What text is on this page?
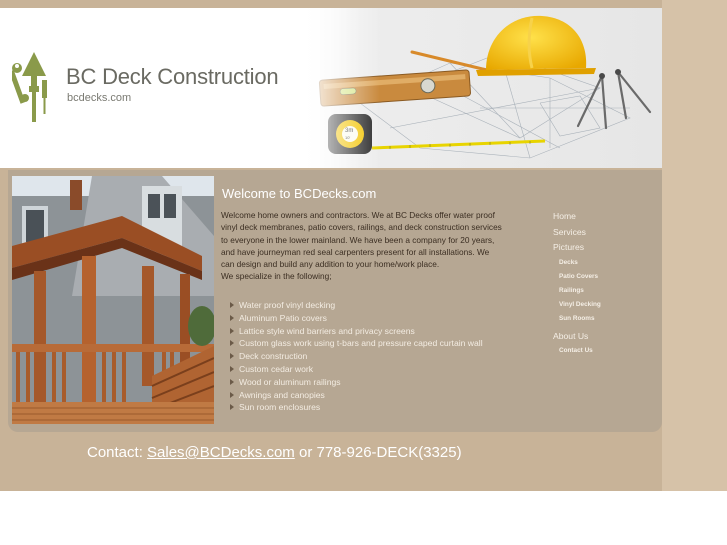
BC Deck Construction
bcdecks.com
Welcome to BCDecks.com

Welcome home owners and contractors. We at BC Decks offer water proof vinyl deck membranes, patio covers, railings, and deck construction services to everyone in the lower mainland. We have been a company for 20 years, and have journeyman red seal carpenters present for all installations. We can design and build any addition to your home/work place.

We specialize in the following;

Water proof vinyl decking
Aluminum Patio covers
Lattice style wind barriers and privacy screens
Custom glass work using t-bars and pressure caped curtain wall
Deck construction
Custom cedar work
Wood or aluminum railings
Awnings and canopies
Sun room enclosures
Home
Services
Pictures
Decks
Patio Covers
Railings
Vinyl Decking
Sun Rooms
About Us
Contact Us
Contact: Sales@BCDecks.com or 778-926-DECK(3325)
